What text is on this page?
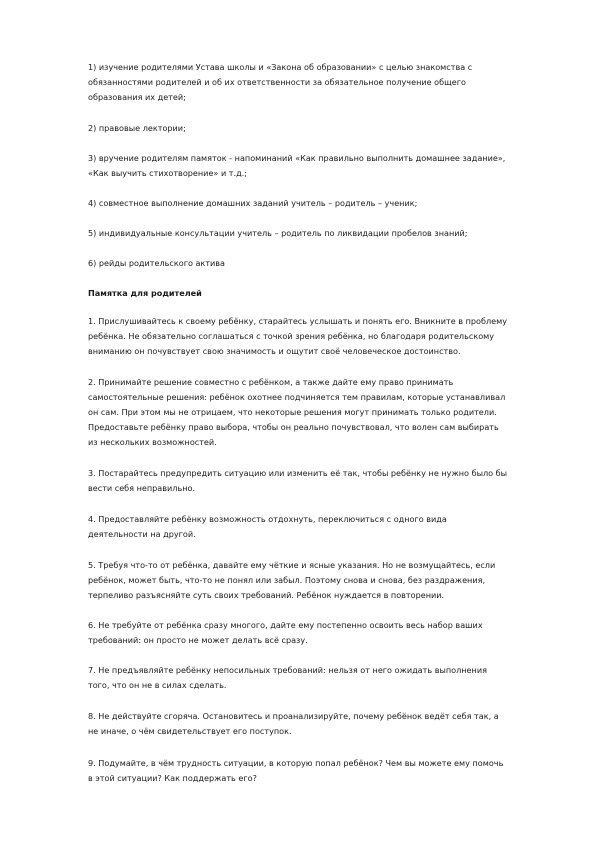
1) изучение родителями Устава школы и «Закона об образовании» с целью знакомства с
обязанностями родителей и об их ответственности за обязательное получение общего
образования их детей;

2) правовые лектории;

3) вручение родителям памяток - напоминаний «Как правильно выполнить домашнее задание»,
«Как выучить стихотворение» и т.д.;

4) совместное выполнение домашних заданий учитель – родитель – ученик;

5) индивидуальные консультации учитель – родитель по ликвидации пробелов знаний;

6) рейды родительского актива

Памятка для родителей

1. Прислушивайтесь к своему ребёнку, старайтесь услышать и понять его. Вникните в проблему
ребёнка. Не обязательно соглашаться с точкой зрения ребёнка, но благодаря родительскому
вниманию он почувствует свою значимость и ощутит своё человеческое достоинство.

2. Принимайте решение совместно с ребёнком, а также дайте ему право принимать
самостоятельные решения: ребёнок охотнее подчиняется тем правилам, которые устанавливал
он сам. При этом мы не отрицаем, что некоторые решения могут принимать только родители.
Предоставьте ребёнку право выбора, чтобы он реально почувствовал, что волен сам выбирать
из нескольких возможностей.

3. Постарайтесь предупредить ситуацию или изменить её так, чтобы ребёнку не нужно было бы
вести себя неправильно.

4. Предоставляйте ребёнку возможность отдохнуть, переключиться с одного вида
деятельности на другой.

5. Требуя что-то от ребёнка, давайте ему чёткие и ясные указания. Но не возмущайтесь, если
ребёнок, может быть, что-то не понял или забыл. Поэтому снова и снова, без раздражения,
терпеливо разъясняйте суть своих требований. Ребёнок нуждается в повторении.

6. Не требуйте от ребёнка сразу многого, дайте ему постепенно освоить весь набор ваших
требований: он просто не может делать всё сразу.

7. Не предъявляйте ребёнку непосильных требований: нельзя от него ожидать выполнения
того, что он не в силах сделать.

8. Не действуйте сгоряча. Остановитесь и проанализируйте, почему ребёнок ведёт себя так, а
не иначе, о чём свидетельствует его поступок.

9. Подумайте, в чём трудность ситуации, в которую попал ребёнок? Чем вы можете ему помочь
в этой ситуации? Как поддержать его?
